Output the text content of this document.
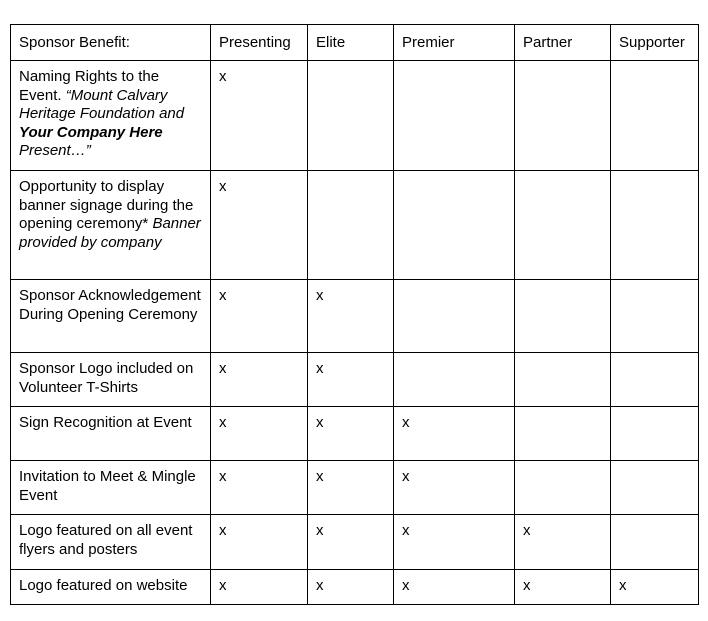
Sponsor Benefit:	Presenting	Elite	Premier	Partner	Supporter
Naming Rights to the Event. “Mount Calvary Heritage Foundation and Your Company Here Present…”	x				
Opportunity to display banner signage during the opening ceremony* Banner provided by company	x				
Sponsor Acknowledgement During Opening Ceremony	x	x			
Sponsor Logo included on Volunteer T-Shirts	x	x			
Sign Recognition at Event	x	x	x		
Invitation to Meet & Mingle Event	x	x	x		
Logo featured on all event flyers and posters	x	x	x	x	
Logo featured on website	x	x	x	x	x
